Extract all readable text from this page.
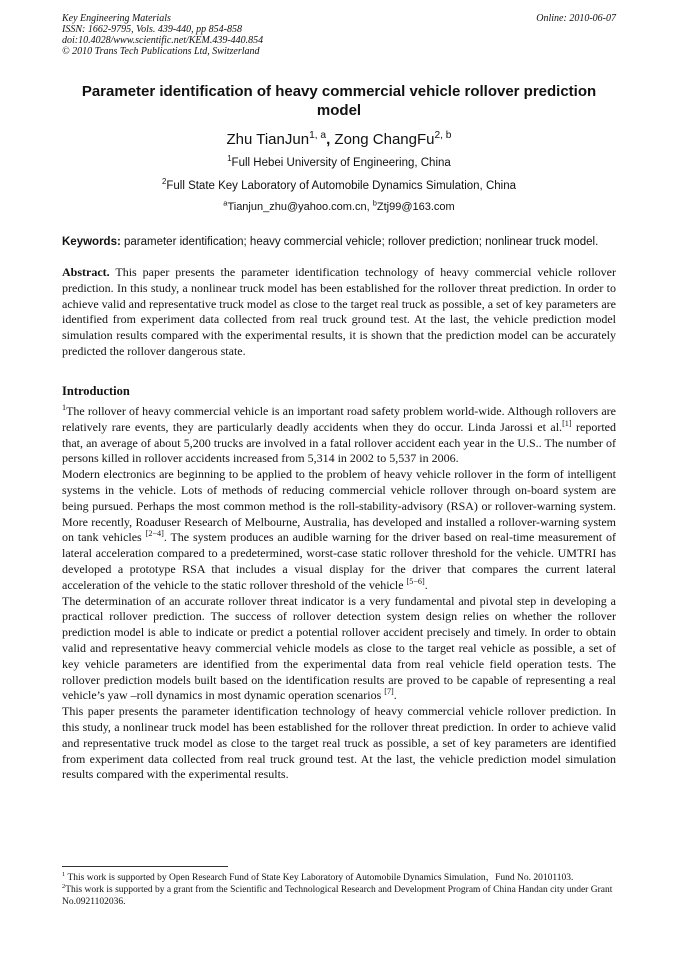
Key Engineering Materials
ISSN: 1662-9795, Vols. 439-440, pp 854-858
doi:10.4028/www.scientific.net/KEM.439-440.854
© 2010 Trans Tech Publications Ltd, Switzerland
Online: 2010-06-07
Parameter identification of heavy commercial vehicle rollover prediction model
Zhu TianJun$^{1, a}$, Zong ChangFu$^{2, b}$
$^1$Full Hebei University of Engineering, China
$^2$Full State Key Laboratory of Automobile Dynamics Simulation, China
$^a$Tianjun_zhu@yahoo.com.cn, $^b$Ztj99@163.com
Keywords: parameter identification; heavy commercial vehicle; rollover prediction; nonlinear truck model.
Abstract. This paper presents the parameter identification technology of heavy commercial vehicle rollover prediction. In this study, a nonlinear truck model has been established for the rollover threat prediction. In order to achieve valid and representative truck model as close to the target real truck as possible, a set of key parameters are identified from experiment data collected from real truck ground test. At the last, the vehicle prediction model simulation results compared with the experimental results, it is shown that the prediction model can be accurately predicted the rollover dangerous state.
Introduction

$^1$The rollover of heavy commercial vehicle is an important road safety problem world-wide. Although rollovers are relatively rare events, they are particularly deadly accidents when they do occur. Linda Jarossi et al.[1] reported that, an average of about 5,200 trucks are involved in a fatal rollover accident each year in the U.S.. The number of persons killed in rollover accidents increased from 5,314 in 2002 to 5,537 in 2006.

Modern electronics are beginning to be applied to the problem of heavy vehicle rollover in the form of intelligent systems in the vehicle. Lots of methods of reducing commercial vehicle rollover through on-board system are being pursued. Perhaps the most common method is the roll-stability-advisory (RSA) or rollover-warning system. More recently, Roaduser Research of Melbourne, Australia, has developed and installed a rollover-warning system on tank vehicles [2−4]. The system produces an audible warning for the driver based on real-time measurement of lateral acceleration compared to a predetermined, worst-case static rollover threshold for the vehicle. UMTRI has developed a prototype RSA that includes a visual display for the driver that compares the current lateral acceleration of the vehicle to the static rollover threshold of the vehicle [5−6].

The determination of an accurate rollover threat indicator is a very fundamental and pivotal step in developing a practical rollover prediction. The success of rollover detection system design relies on whether the rollover prediction model is able to indicate or predict a potential rollover accident precisely and timely. In order to obtain valid and representative heavy commercial vehicle models as close to the target real vehicle as possible, a set of key vehicle parameters are identified from the experimental data from real vehicle field operation tests. The rollover prediction models built based on the identification results are proved to be capable of representing a real vehicle’s yaw –roll dynamics in most dynamic operation scenarios [7].

This paper presents the parameter identification technology of heavy commercial vehicle rollover prediction. In this study, a nonlinear truck model has been established for the rollover threat prediction. In order to achieve valid and representative truck model as close to the target real truck as possible, a set of key parameters are identified from experiment data collected from real truck ground test. At the last, the vehicle prediction model simulation results compared with the experimental results.

$^1$ This work is supported by Open Research Fund of State Key Laboratory of Automobile Dynamics Simulation，Fund No. 20101103.

$^2$This work is supported by a grant from the Scientific and Technological Research and Development Program of China Handan city under Grant No.0921102036.
